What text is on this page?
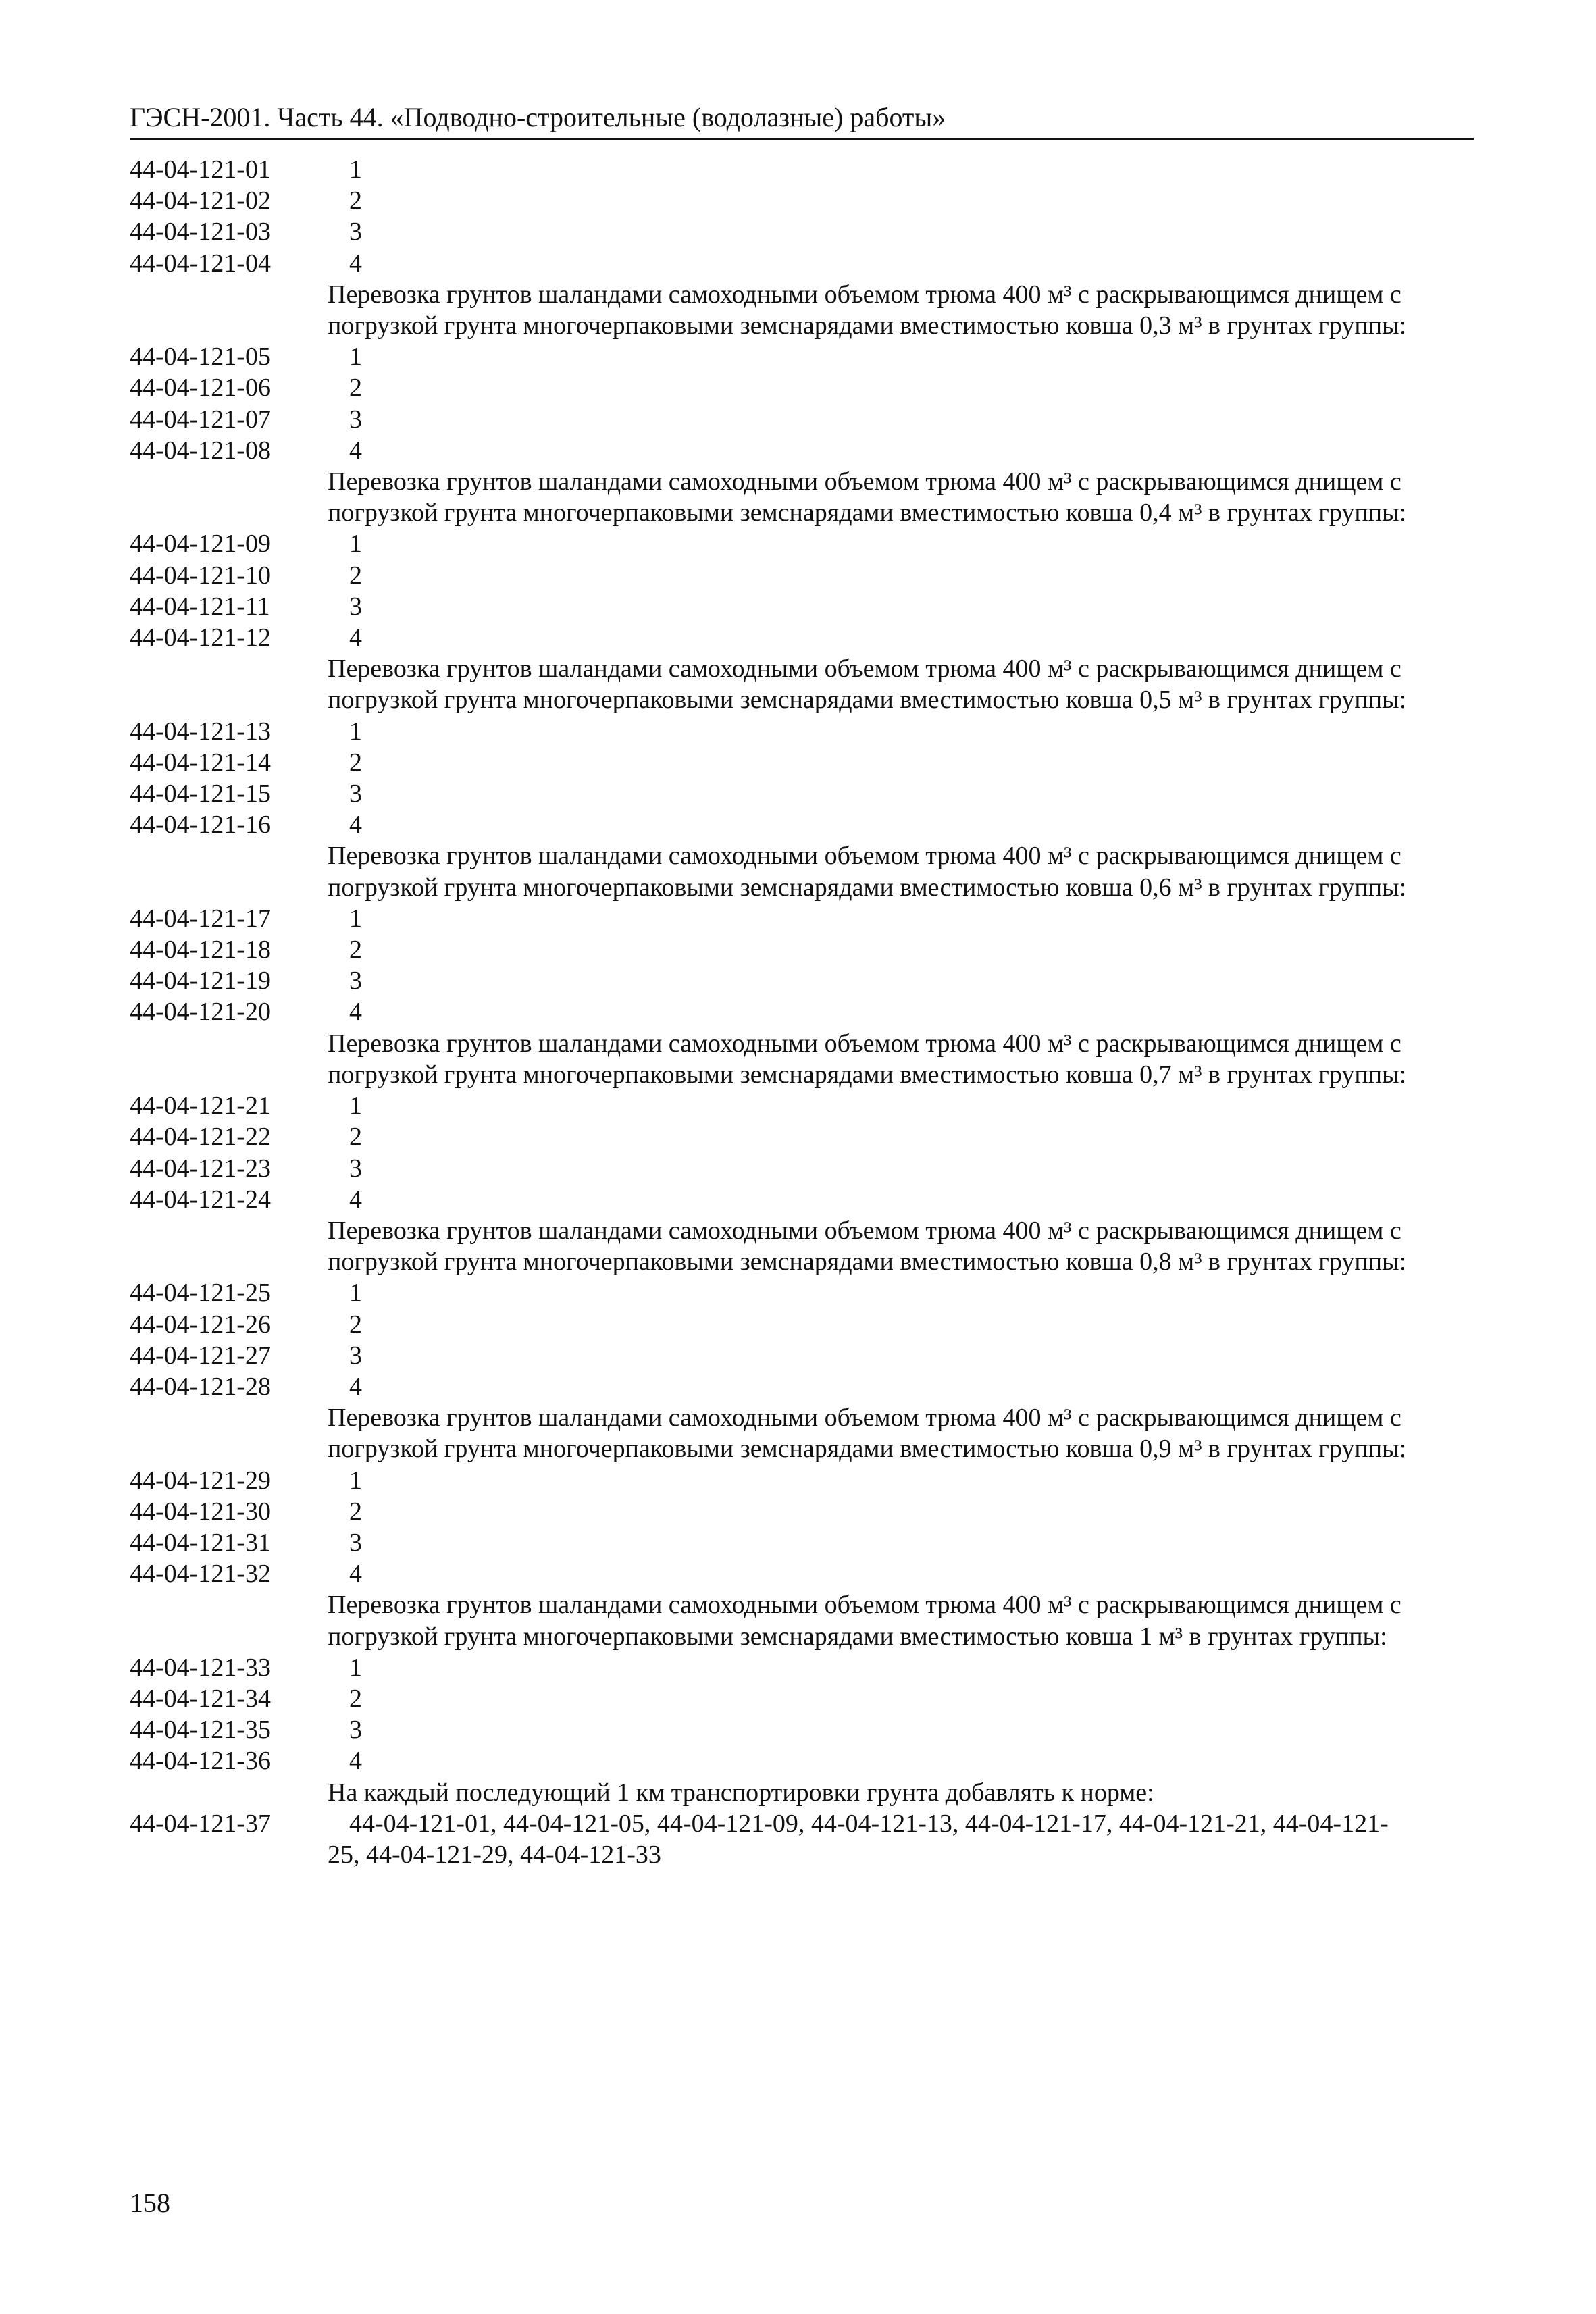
ГЭСН-2001. Часть 44. «Подводно-строительные (водолазные) работы»
44-04-121-01	1
44-04-121-02	2
44-04-121-03	3
44-04-121-04	4
Перевозка грунтов шаландами самоходными объемом трюма 400 м³ с раскрывающимся днищем с погрузкой грунта многочерпаковыми земснарядами вместимостью ковша 0,3 м³ в грунтах группы:
44-04-121-05	1
44-04-121-06	2
44-04-121-07	3
44-04-121-08	4
Перевозка грунтов шаландами самоходными объемом трюма 400 м³ с раскрывающимся днищем с погрузкой грунта многочерпаковыми земснарядами вместимостью ковша 0,4 м³ в грунтах группы:
44-04-121-09	1
44-04-121-10	2
44-04-121-11	3
44-04-121-12	4
Перевозка грунтов шаландами самоходными объемом трюма 400 м³ с раскрывающимся днищем с погрузкой грунта многочерпаковыми земснарядами вместимостью ковша 0,5 м³ в грунтах группы:
44-04-121-13	1
44-04-121-14	2
44-04-121-15	3
44-04-121-16	4
Перевозка грунтов шаландами самоходными объемом трюма 400 м³ с раскрывающимся днищем с погрузкой грунта многочерпаковыми земснарядами вместимостью ковша 0,6 м³ в грунтах группы:
44-04-121-17	1
44-04-121-18	2
44-04-121-19	3
44-04-121-20	4
Перевозка грунтов шаландами самоходными объемом трюма 400 м³ с раскрывающимся днищем с погрузкой грунта многочерпаковыми земснарядами вместимостью ковша 0,7 м³ в грунтах группы:
44-04-121-21	1
44-04-121-22	2
44-04-121-23	3
44-04-121-24	4
Перевозка грунтов шаландами самоходными объемом трюма 400 м³ с раскрывающимся днищем с погрузкой грунта многочерпаковыми земснарядами вместимостью ковша 0,8 м³ в грунтах группы:
44-04-121-25	1
44-04-121-26	2
44-04-121-27	3
44-04-121-28	4
Перевозка грунтов шаландами самоходными объемом трюма 400 м³ с раскрывающимся днищем с погрузкой грунта многочерпаковыми земснарядами вместимостью ковша 0,9 м³ в грунтах группы:
44-04-121-29	1
44-04-121-30	2
44-04-121-31	3
44-04-121-32	4
Перевозка грунтов шаландами самоходными объемом трюма 400 м³ с раскрывающимся днищем с погрузкой грунта многочерпаковыми земснарядами вместимостью ковша 1 м³ в грунтах группы:
44-04-121-33	1
44-04-121-34	2
44-04-121-35	3
44-04-121-36	4
На каждый последующий 1 км транспортировки грунта добавлять к норме:
44-04-121-37	44-04-121-01, 44-04-121-05, 44-04-121-09, 44-04-121-13, 44-04-121-17, 44-04-121-21, 44-04-121-25, 44-04-121-29, 44-04-121-33
158
